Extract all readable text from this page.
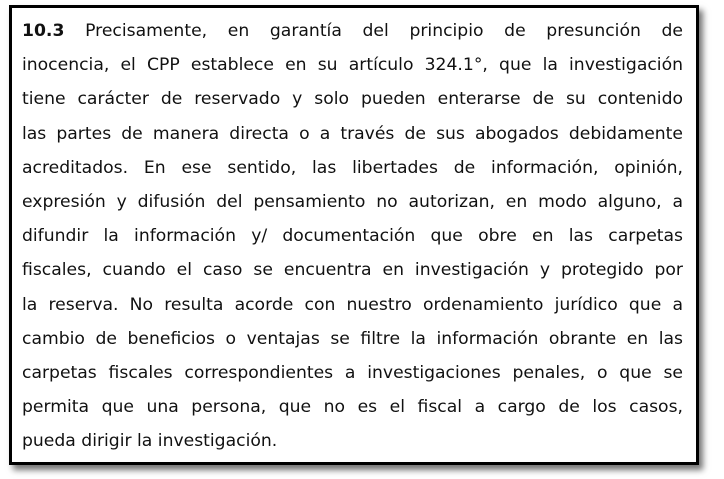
10.3 Precisamente, en garantía del principio de presunción de
inocencia, el CPP establece en su artículo 324.1°, que la investigación
tiene carácter de reservado y solo pueden enterarse de su contenido
las partes de manera directa o a través de sus abogados debidamente
acreditados. En ese sentido, las libertades de información, opinión,
expresión y difusión del pensamiento no autorizan, en modo alguno, a
difundir la información y/ documentación que obre en las carpetas
fiscales, cuando el caso se encuentra en investigación y protegido por
la reserva. No resulta acorde con nuestro ordenamiento jurídico que a
cambio de beneficios o ventajas se filtre la información obrante en las
carpetas fiscales correspondientes a investigaciones penales, o que se
permita que una persona, que no es el fiscal a cargo de los casos,
pueda dirigir la investigación.
